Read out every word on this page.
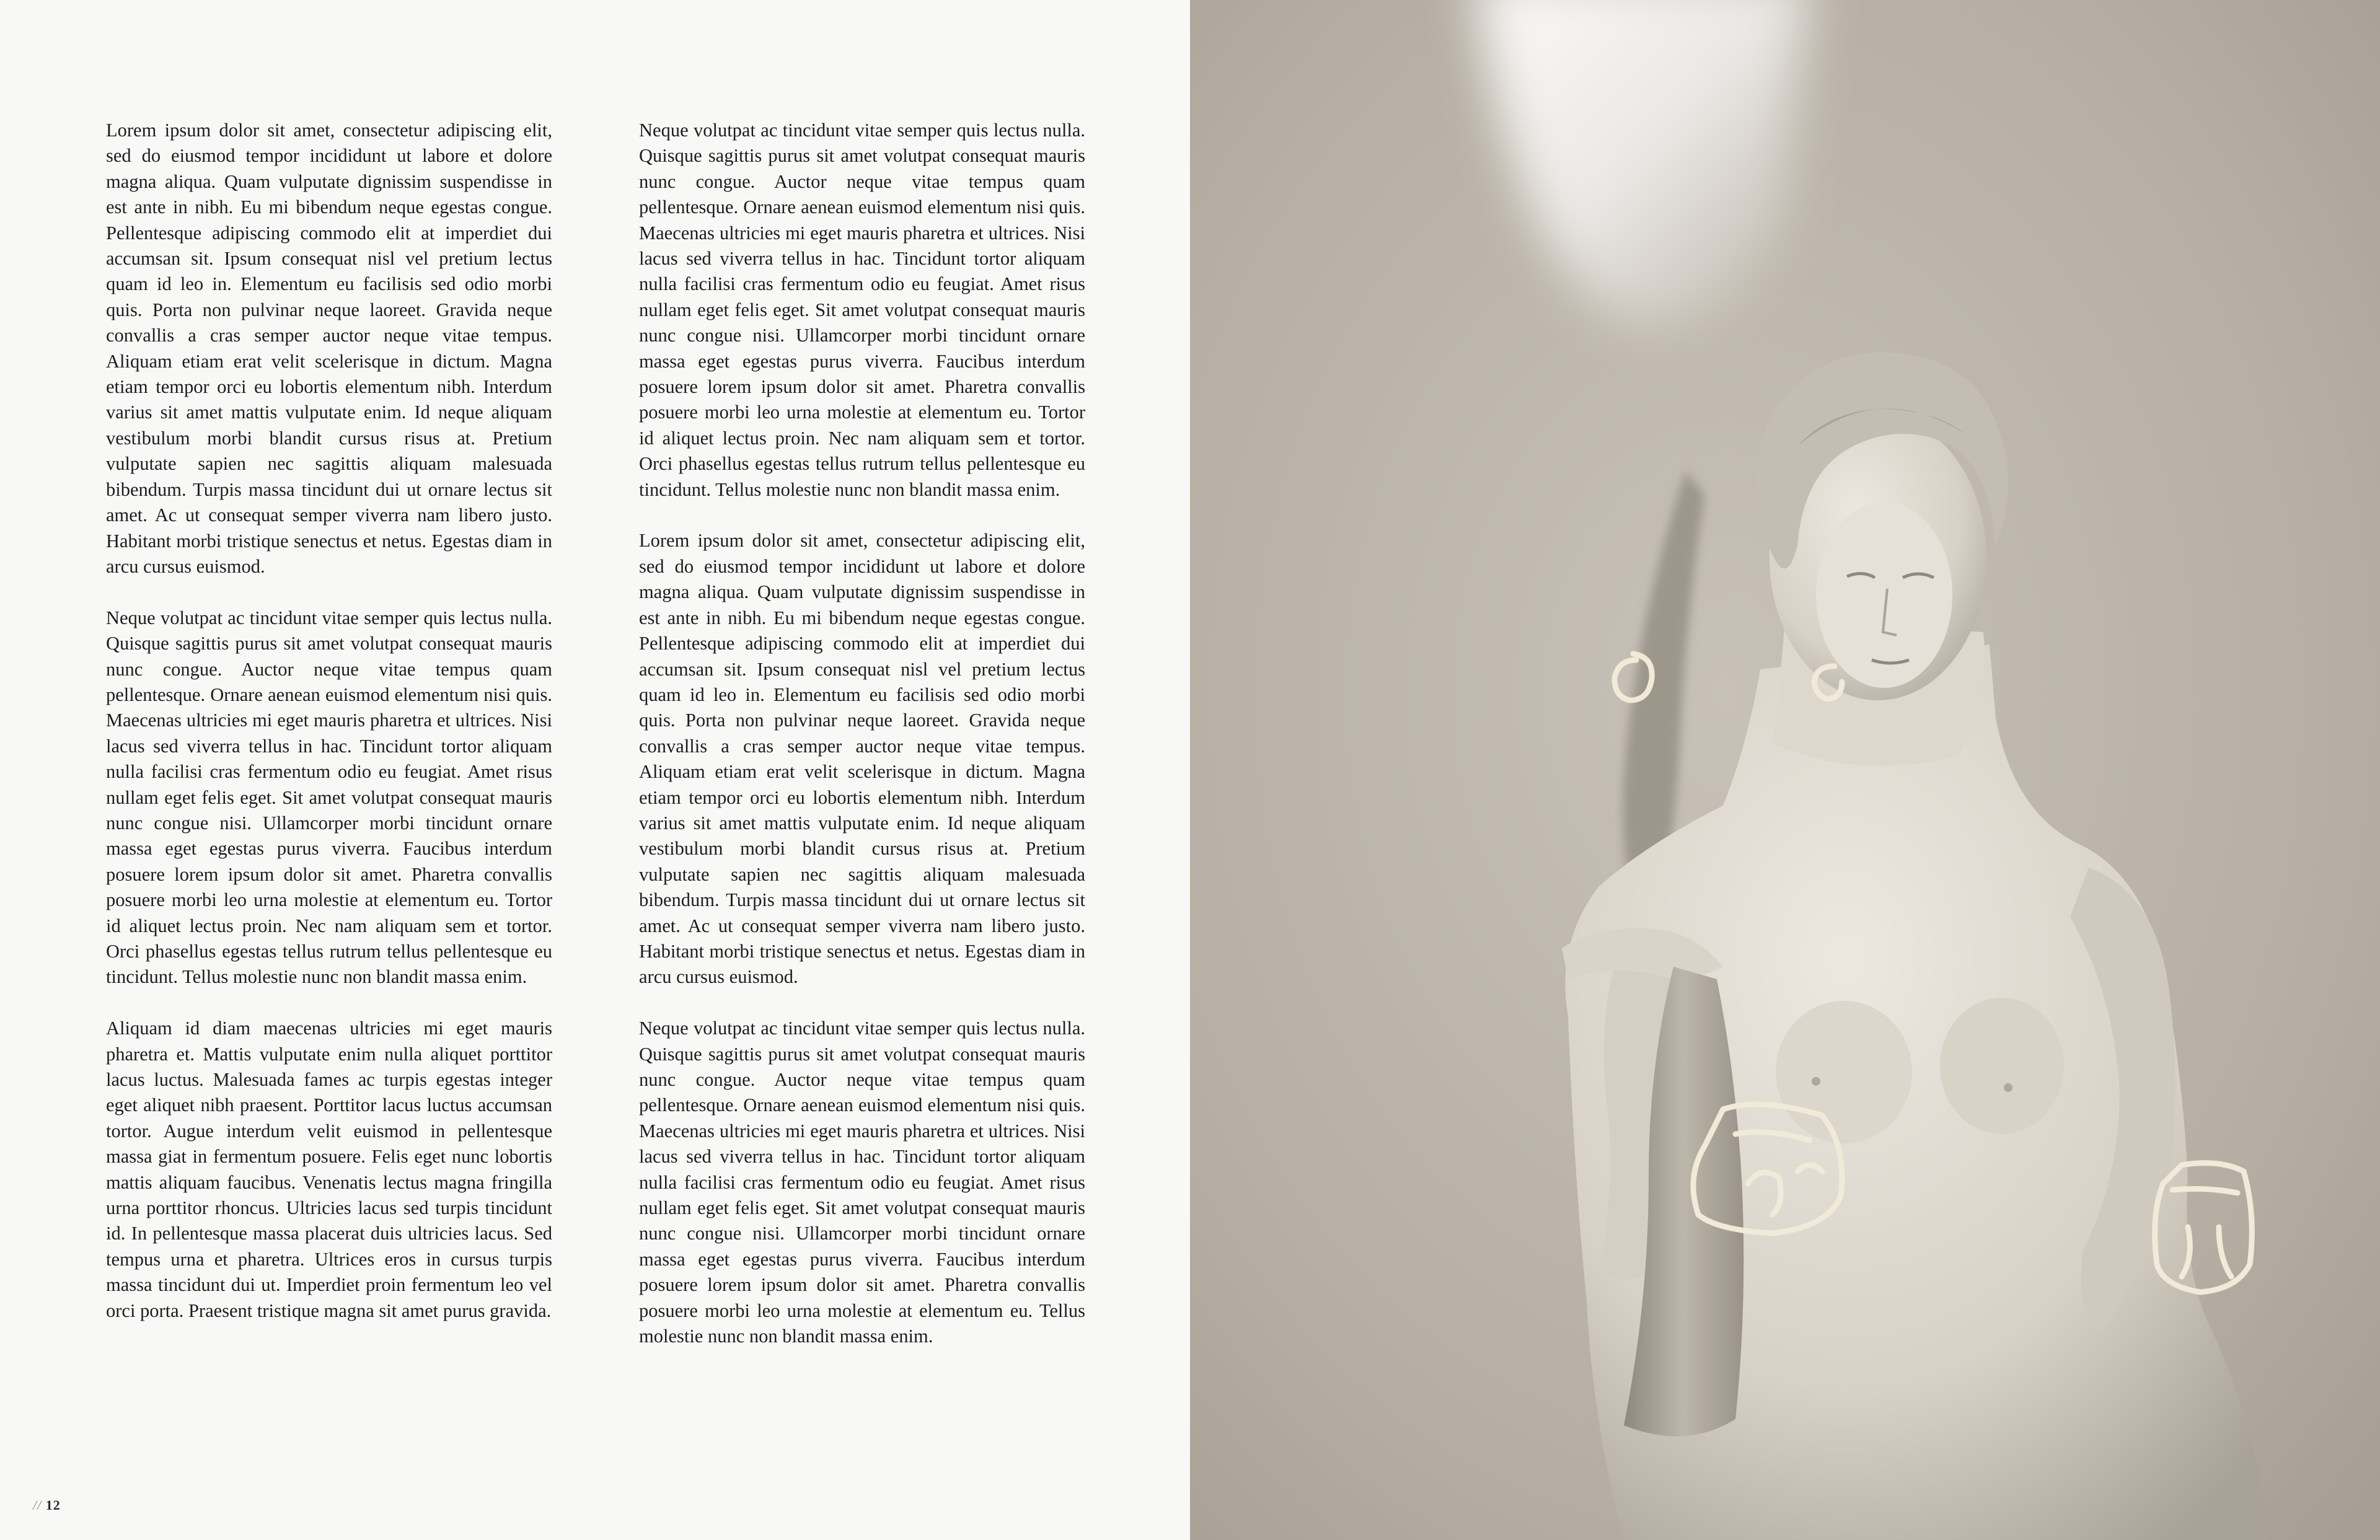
Lorem ipsum dolor sit amet, consectetur adipiscing elit, sed do eiusmod tempor incididunt ut labore et dolore magna aliqua. Quam vulputate dignissim suspendisse in est ante in nibh. Eu mi bibendum neque egestas congue. Pellentesque adipiscing commodo elit at imperdiet dui accumsan sit. Ipsum consequat nisl vel pretium lectus quam id leo in. Elementum eu facilisis sed odio morbi quis. Porta non pulvinar neque laoreet. Gravida neque convallis a cras semper auctor neque vitae tempus. Aliquam etiam erat velit scelerisque in dictum. Magna etiam tempor orci eu lobortis elementum nibh. Interdum varius sit amet mattis vulputate enim. Id neque aliquam vestibulum morbi blandit cursus risus at. Pretium vulputate sapien nec sagittis aliquam malesuada bibendum. Turpis massa tincidunt dui ut ornare lectus sit amet. Ac ut consequat semper viverra nam libero justo. Habitant morbi tristique senectus et netus. Egestas diam in arcu cursus euismod.

Neque volutpat ac tincidunt vitae semper quis lectus nulla. Quisque sagittis purus sit amet volutpat consequat mauris nunc congue. Auctor neque vitae tempus quam pellentesque. Ornare aenean euismod elementum nisi quis. Maecenas ultricies mi eget mauris pharetra et ultrices. Nisi lacus sed viverra tellus in hac. Tincidunt tortor aliquam nulla facilisi cras fermentum odio eu feugiat. Amet risus nullam eget felis eget. Sit amet volutpat consequat mauris nunc congue nisi. Ullamcorper morbi tincidunt ornare massa eget egestas purus viverra. Faucibus interdum posuere lorem ipsum dolor sit amet. Pharetra convallis posuere morbi leo urna molestie at elementum eu. Tortor id aliquet lectus proin. Nec nam aliquam sem et tortor. Orci phasellus egestas tellus rutrum tellus pellentesque eu tincidunt. Tellus molestie nunc non blandit massa enim.

Aliquam id diam maecenas ultricies mi eget mauris pharetra et. Mattis vulputate enim nulla aliquet porttitor lacus luctus. Malesuada fames ac turpis egestas integer eget aliquet nibh praesent. Porttitor lacus luctus accumsan tortor. Augue interdum velit euismod in pellentesque massa giat in fermentum posuere. Felis eget nunc lobortis mattis aliquam faucibus. Venenatis lectus magna fringilla urna porttitor rhoncus. Ultricies lacus sed turpis tincidunt id. In pellentesque massa placerat duis ultricies lacus. Sed tempus urna et pharetra. Ultrices eros in cursus turpis massa tincidunt dui ut. Imperdiet proin fermentum leo vel orci porta. Praesent tristique magna sit amet purus gravida.

Neque volutpat ac tincidunt vitae semper quis lectus nulla. Quisque sagittis purus sit amet volutpat consequat mauris nunc congue. Auctor neque vitae tempus quam pellentesque. Ornare aenean euismod elementum nisi quis. Maecenas ultricies mi eget mauris pharetra et ultrices. Nisi lacus sed viverra tellus in hac. Tincidunt tortor aliquam nulla facilisi cras fermentum odio eu feugiat. Amet risus nullam eget felis eget. Sit amet volutpat consequat mauris nunc congue nisi. Ullamcorper morbi tincidunt ornare massa eget egestas purus viverra. Faucibus interdum posuere lorem ipsum dolor sit amet. Pharetra convallis posuere morbi leo urna molestie at elementum eu. Tortor id aliquet lectus proin. Nec nam aliquam sem et tortor. Orci phasellus egestas tellus rutrum tellus pellentesque eu tincidunt. Tellus molestie nunc non blandit massa enim.

Lorem ipsum dolor sit amet, consectetur adipiscing elit, sed do eiusmod tempor incididunt ut labore et dolore magna aliqua. Quam vulputate dignissim suspendisse in est ante in nibh. Eu mi bibendum neque egestas congue. Pellentesque adipiscing commodo elit at imperdiet dui accumsan sit. Ipsum consequat nisl vel pretium lectus quam id leo in. Elementum eu facilisis sed odio morbi quis. Porta non pulvinar neque laoreet. Gravida neque convallis a cras semper auctor neque vitae tempus. Aliquam etiam erat velit scelerisque in dictum. Magna etiam tempor orci eu lobortis elementum nibh. Interdum varius sit amet mattis vulputate enim. Id neque aliquam vestibulum morbi blandit cursus risus at. Pretium vulputate sapien nec sagittis aliquam malesuada bibendum. Turpis massa tincidunt dui ut ornare lectus sit amet. Ac ut consequat semper viverra nam libero justo. Habitant morbi tristique senectus et netus. Egestas diam in arcu cursus euismod.

Neque volutpat ac tincidunt vitae semper quis lectus nulla. Quisque sagittis purus sit amet volutpat consequat mauris nunc congue. Auctor neque vitae tempus quam pellentesque. Ornare aenean euismod elementum nisi quis. Maecenas ultricies mi eget mauris pharetra et ultrices. Nisi lacus sed viverra tellus in hac. Tincidunt tortor aliquam nulla facilisi cras fermentum odio eu feugiat. Amet risus nullam eget felis eget. Sit amet volutpat consequat mauris nunc congue nisi. Ullamcorper morbi tincidunt ornare massa eget egestas purus viverra. Faucibus interdum posuere lorem ipsum dolor sit amet. Pharetra convallis posuere morbi leo urna molestie at elementum eu. Tellus molestie nunc non blandit massa enim.

// 12
